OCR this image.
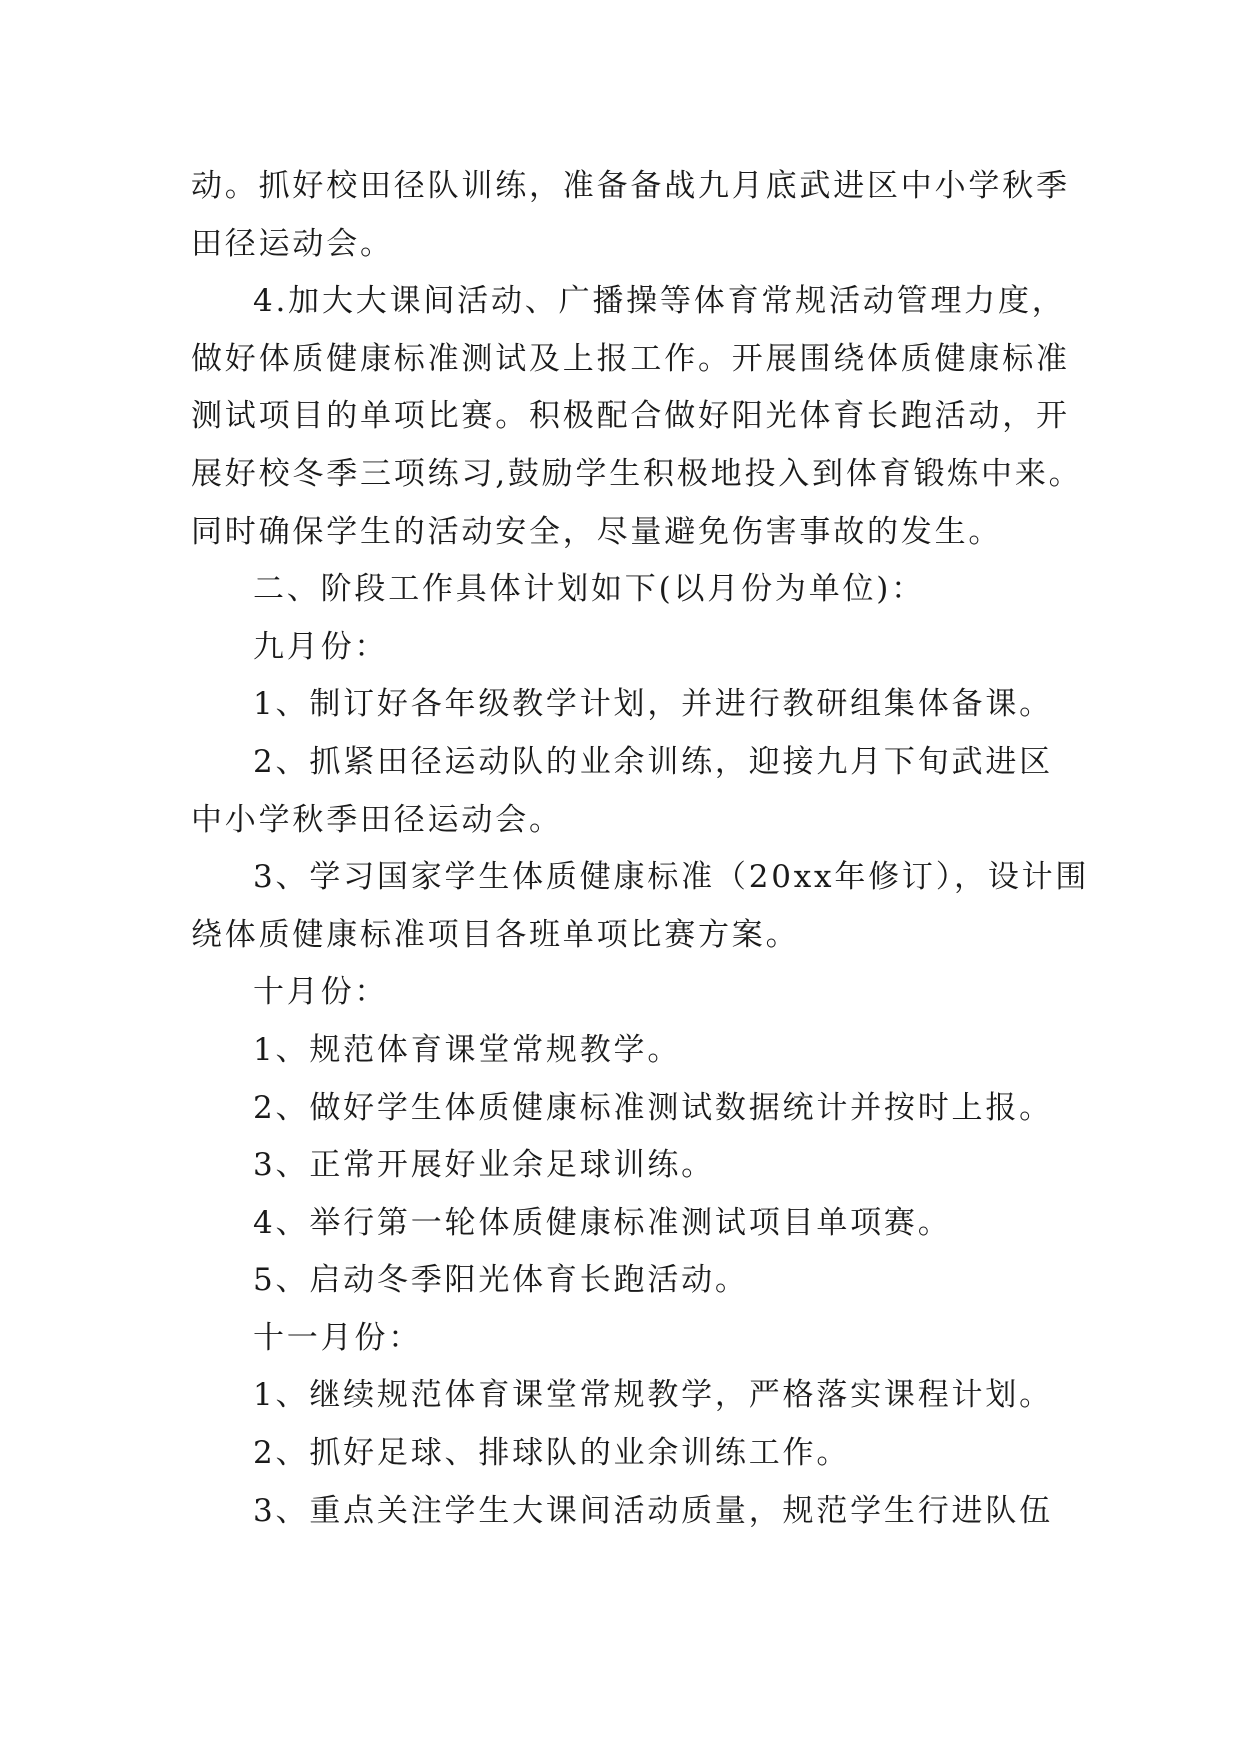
动。抓好校田径队训练，准备备战九月底武进区中小学秋季

田径运动会。

4.加大大课间活动、广播操等体育常规活动管理力度，

做好体质健康标准测试及上报工作。开展围绕体质健康标准

测试项目的单项比赛。积极配合做好阳光体育长跑活动，开

展好校冬季三项练习,鼓励学生积极地投入到体育锻炼中来。

同时确保学生的活动安全，尽量避免伤害事故的发生。

二、阶段工作具体计划如下(以月份为单位)：

九月份：

1、制订好各年级教学计划，并进行教研组集体备课。

2、抓紧田径运动队的业余训练，迎接九月下旬武进区

中小学秋季田径运动会。

3、学习国家学生体质健康标准（20xx年修订），设计围

绕体质健康标准项目各班单项比赛方案。

十月份：

1、规范体育课堂常规教学。

2、做好学生体质健康标准测试数据统计并按时上报。

3、正常开展好业余足球训练。

4、举行第一轮体质健康标准测试项目单项赛。

5、启动冬季阳光体育长跑活动。

十一月份：

1、继续规范体育课堂常规教学，严格落实课程计划。

2、抓好足球、排球队的业余训练工作。

3、重点关注学生大课间活动质量，规范学生行进队伍
